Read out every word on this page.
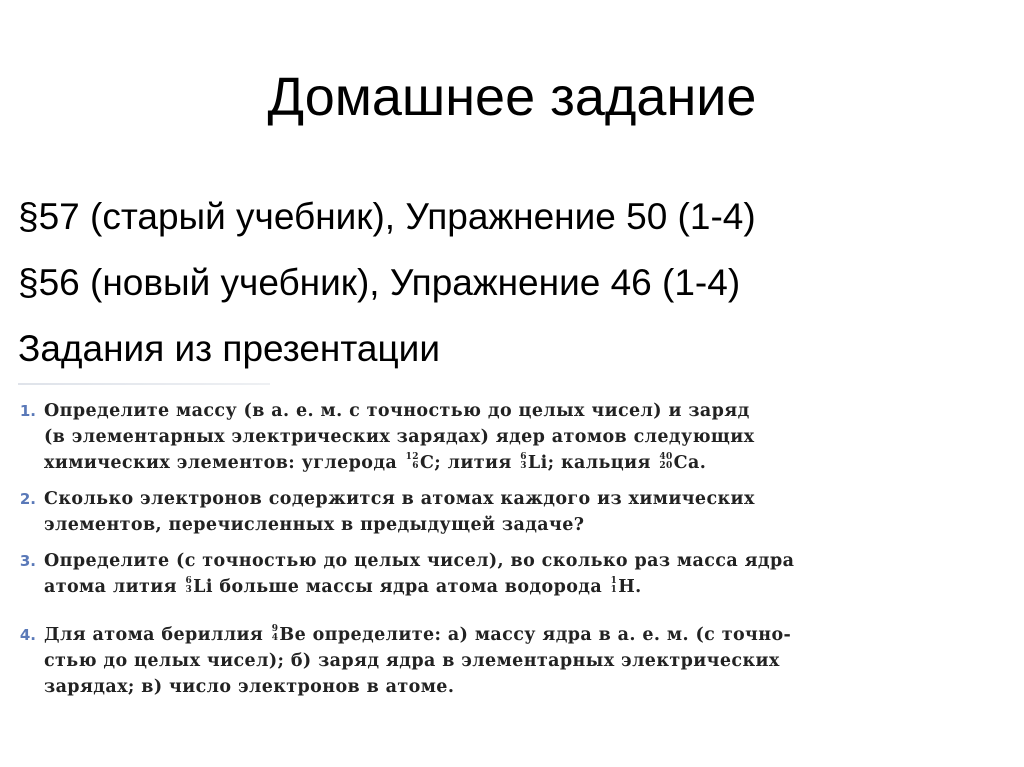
Домашнее задание
§57 (старый учебник), Упражнение 50 (1-4)
§56 (новый учебник), Упражнение 46 (1-4)
Задания из презентации
1. Определите массу (в а. е. м. с точностью до целых чисел) и заряд
(в элементарных электрических зарядах) ядер атомов следующих
химических элементов: углерода 12
6 C; лития 6
3 Li; кальция 40
20 Ca.
2. Сколько электронов содержится в атомах каждого из химических
элементов, перечисленных в предыдущей задаче?
3. Определите (с точностью до целых чисел), во сколько раз масса ядра
атома лития 6
3 Li больше массы ядра атома водорода 1
1 H.
4. Для атома бериллия 9
4 Be определите: а) массу ядра в а. е. м. (с точно-
стью до целых чисел); б) заряд ядра в элементарных электрических
зарядах; в) число электронов в атоме.
